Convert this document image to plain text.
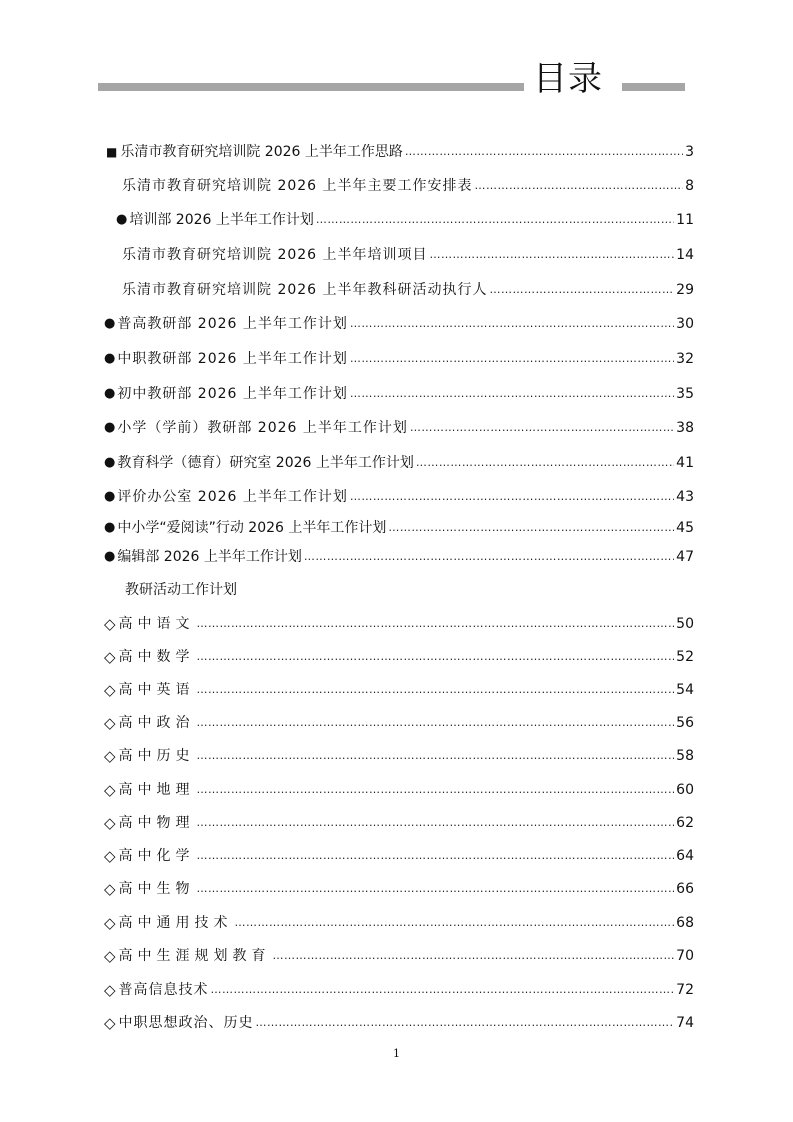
目录
■ 乐清市教育研究培训院 2026 上半年工作思路 ……………………………………………………………………………………………………………………………………………………………………………………………………………………	3
乐清市教育研究培训院 2026 上半年主要工作安排表 ……………………………………………………………………………………………………………………………………………………………………………………………………………………	8
● 培训部 2026 上半年工作计划 ……………………………………………………………………………………………………………………………………………………………………………………………………………………	11
乐清市教育研究培训院 2026 上半年培训项目 ……………………………………………………………………………………………………………………………………………………………………………………………………………………	14
乐清市教育研究培训院 2026 上半年教科研活动执行人 ……………………………………………………………………………………………………………………………………………………………………………………………………………………	29
● 普高教研部 2026 上半年工作计划 ……………………………………………………………………………………………………………………………………………………………………………………………………………………	30
● 中职教研部 2026 上半年工作计划 ……………………………………………………………………………………………………………………………………………………………………………………………………………………	32
● 初中教研部 2026 上半年工作计划 ……………………………………………………………………………………………………………………………………………………………………………………………………………………	35
● 小学（学前）教研部 2026 上半年工作计划 ……………………………………………………………………………………………………………………………………………………………………………………………………………………	38
● 教育科学（德育）研究室 2026 上半年工作计划 ……………………………………………………………………………………………………………………………………………………………………………………………………………………	41
● 评价办公室 2026 上半年工作计划 ……………………………………………………………………………………………………………………………………………………………………………………………………………………	43
● 中小学“爱阅读”行动 2026 上半年工作计划 ……………………………………………………………………………………………………………………………………………………………………………………………………………………	45
● 编辑部 2026 上半年工作计划 ……………………………………………………………………………………………………………………………………………………………………………………………………………………	47
教研活动工作计划
◇ 高中语文 ……………………………………………………………………………………………………………………………………………………………………………………………………………………	50
◇ 高中数学 ……………………………………………………………………………………………………………………………………………………………………………………………………………………	52
◇ 高中英语 ……………………………………………………………………………………………………………………………………………………………………………………………………………………	54
◇ 高中政治 ……………………………………………………………………………………………………………………………………………………………………………………………………………………	56
◇ 高中历史 ……………………………………………………………………………………………………………………………………………………………………………………………………………………	58
◇ 高中地理 ……………………………………………………………………………………………………………………………………………………………………………………………………………………	60
◇ 高中物理 ……………………………………………………………………………………………………………………………………………………………………………………………………………………	62
◇ 高中化学 ……………………………………………………………………………………………………………………………………………………………………………………………………………………	64
◇ 高中生物 ……………………………………………………………………………………………………………………………………………………………………………………………………………………	66
◇ 高中通用技术 ……………………………………………………………………………………………………………………………………………………………………………………………………………………	68
◇ 高中生涯规划教育 ……………………………………………………………………………………………………………………………………………………………………………………………………………………	70
◇ 普高信息技术 ……………………………………………………………………………………………………………………………………………………………………………………………………………………	72
◇ 中职思想政治、历史 ……………………………………………………………………………………………………………………………………………………………………………………………………………………	74
1
